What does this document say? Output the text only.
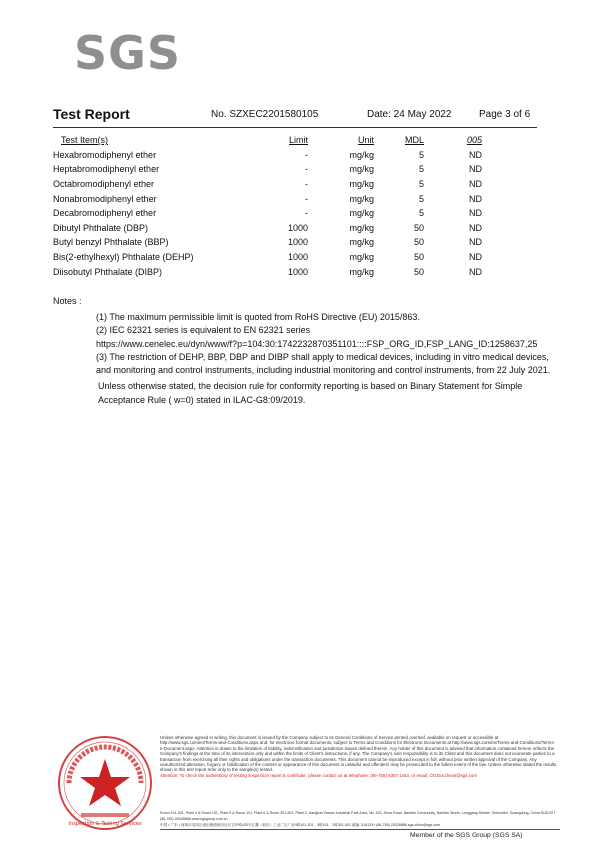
SGS
Test Report	No. SZXEC2201580105	Date: 24 May 2022	Page 3 of 6
Test Item(s)	Limit	Unit	MDL	005
Hexabromodiphenyl ether	-	mg/kg	5	ND
Heptabromodiphenyl ether	-	mg/kg	5	ND
Octabromodiphenyl ether	-	mg/kg	5	ND
Nonabromodiphenyl ether	-	mg/kg	5	ND
Decabromodiphenyl ether	-	mg/kg	5	ND
Dibutyl Phthalate (DBP)	1000	mg/kg	50	ND
Butyl benzyl Phthalate (BBP)	1000	mg/kg	50	ND
Bis(2-ethylhexyl) Phthalate (DEHP)	1000	mg/kg	50	ND
Diisobutyl Phthalate (DIBP)	1000	mg/kg	50	ND
Notes :

(1) The maximum permissible limit is quoted from RoHS Directive (EU) 2015/863.

(2) IEC 62321 series is equivalent to EN 62321 series

https://www.cenelec.eu/dyn/www/f?p=104:30:1742232870351101::::FSP_ORG_ID,FSP_LANG_ID:1258637,25

(3) The restriction of DEHP, BBP, DBP and DIBP shall apply to medical devices, including in vitro medical devices, and monitoring and control instruments, including industrial monitoring and control instruments, from 22 July 2021.

Unless otherwise stated, the decision rule for conformity reporting is based on Binary Statement for Simple Acceptance Rule ( w=0) stated in ILAC-G8:09/2019.

Inspection & Testing Services

Unless otherwise agreed in writing, this document is issued by the Company subject to its General Conditions of Service printed overleaf, available on request or accessible at http://www.sgs.com/en/Terms-and-Conditions.aspx and, for electronic format documents, subject to Terms and Conditions for Electronic Documents at http://www.sgs.com/en/Terms-and-Conditions/Terms-e-Document.aspx. Attention is drawn to the limitation of liability, indemnification and jurisdiction issues defined therein. Any holder of this document is advised that information contained hereon reflects the Company's findings at the time of its intervention only and within the limits of Client's instructions, if any. The Company's sole responsibility is to its Client and this document does not exonerate parties to a transaction from exercising all their rights and obligations under the transaction documents. This document cannot be reproduced except in full, without prior written approval of the Company. Any unauthorized alteration, forgery or falsification of the content or appearance of this document is unlawful and offenders may be prosecuted to the fullest extent of the law. Unless otherwise stated the results shown in this test report refer only to the sample(s) tested.

Attention: To check the authenticity of testing /inspection report & certificate, please contact us at telephone: (86-755) 8307 1443, or email: CN.Doccheck@sgs.com

Room 101-201, Plant 4 & Room 101, Plant 5 & Room 101, Plant 6 & Room 301-501, Plant 3, Jianghao Baoan Industrial Park Area, No. 430, Jihua Road, Bantian Community, Bantian Street, Longgang District, Shenzhen, Guangdong, China 518129 t (86-755) 25328888 www.sgsgroup.com.cn
中国 • 广东 • 深圳市龙岗区坂田街道坂田社区吉华路430号江灏（坂田）工业厂区厂房4栋101-201、3栋101、3栋301-501 邮编: 518129 t (86-755) 25328888 sgs.china@sgs.com
Member of the SGS Group (SGS SA)
